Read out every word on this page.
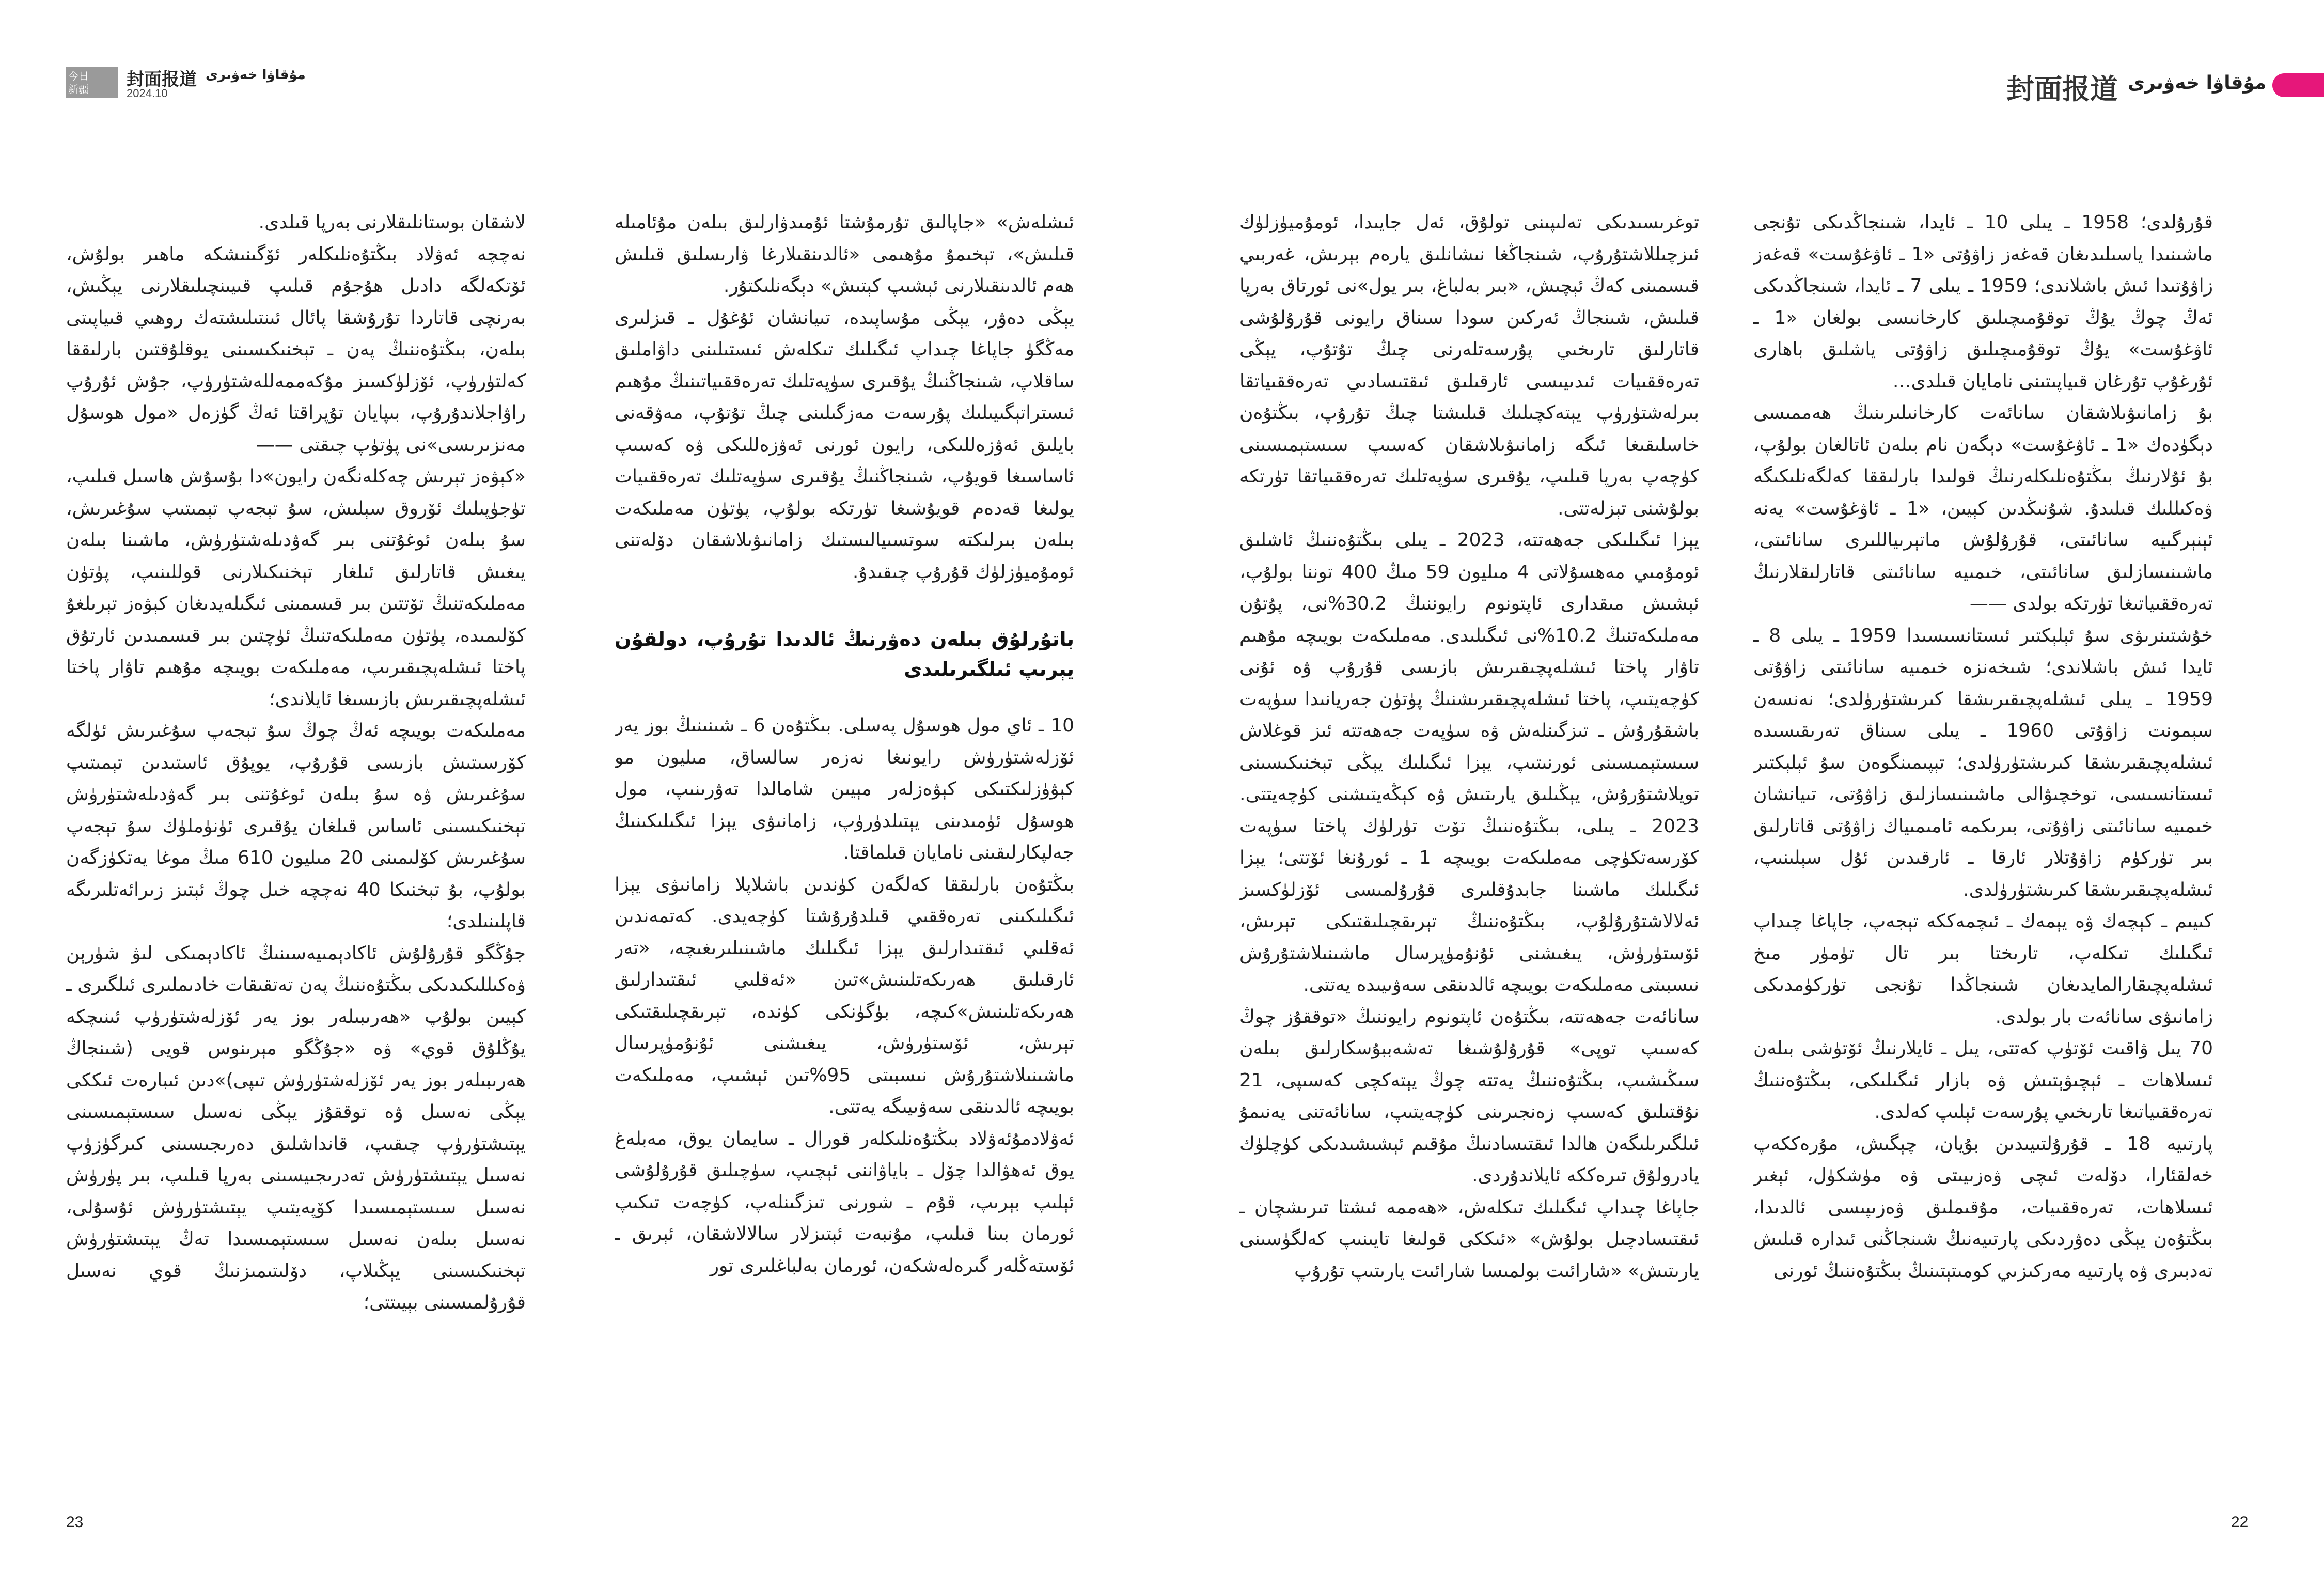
今日
新疆 封面报道
2024.10
مۇقاۋا خەۋىرى	封面报道 مۇقاۋا خەۋىرى

قۇرۇلدى؛ 1958 ـ يىلى 10 ـ ئايدا، شىنجاڭدىكى تۇنجى ماشىنىدا ياسىلىدىغان قەغەز زاۋۇتى «1 ـ ئاۋغۇست» قەغەز زاۋۇتىدا ئىش باشلاندى؛ 1959 ـ يىلى 7 ـ ئايدا، شىنجاڭدىكى ئەڭ چوڭ يۇڭ توقۇمىچىلىق كارخانىسى بولغان «1 ـ ئاۋغۇست» يۇڭ توقۇمىچىلىق زاۋۇتى ياشلىق باھارى ئۇرغۇپ تۇرغان قىياپىتىنى نامايان قىلدى…

بۇ زامانىۋىلاشقان سانائەت كارخانىلىرىنىڭ ھەممىسى دېگۈدەك «1 ـ ئاۋغۇست» دېگەن نام بىلەن ئاتالغان بولۇپ، بۇ ئۇلارنىڭ بىڭتۇەنلىكلەرنىڭ قولىدا بارلىققا كەلگەنلىكىگە ۋەكىللىك قىلىدۇ. شۇنىڭدىن كېيىن، «1 ـ ئاۋغۇست» يەنە ئېنېرگىيە سانائىتى، قۇرۇلۇش ماتېرىياللىرى سانائىتى، ماشىنىسازلىق سانائىتى، خىمىيە سانائىتى قاتارلىقلارنىڭ تەرەققىياتىغا تۈرتكە بولدى ——

خۇشتىنرىۋى سۇ ئېلېكتىر ئىستانسىسىدا 1959 ـ يىلى 8 ـ ئايدا ئىش باشلاندى؛ شىخەنزە خىمىيە سانائىتى زاۋۇتى 1959 ـ يىلى ئىشلەپچىقىرىشقا كىرىشتۈرۈلدى؛ نەنسەن سېمونت زاۋۇتى 1960 ـ يىلى سىناق تەرىقىسىدە ئىشلەپچىقىرىشقا كىرىشتۈرۈلدى؛ تېپىمىنگوەن سۇ ئېلېكتىر ئىستانسىسى، توخچىۋالى ماشىنىسازلىق زاۋۇتى، تىيانشان خىمىيە سانائىتى زاۋۇتى، بىرىكمە ئامىمىياك زاۋۇتى قاتارلىق بىر تۈركۈم زاۋۇتلار ئارقا ـ ئارقىدىن ئۇل سېلىنىپ، ئىشلەپچىقىرىشقا كىرىشتۈرۈلدى.

كىيىم ـ كېچەك ۋە يېمەك ـ ئىچمەككە تېجەپ، جاپاغا چىداپ ئىگىلىك تىكلەپ، تارىختا بىر تال تۈمۈر مىخ ئىشلەپچىقارالمايدىغان شىنجاڭدا تۇنجى تۈركۈمدىكى زامانىۋى سانائەت بار بولدى.

70 يىل ۋاقىت ئۆتۈپ كەتتى، يىل ـ ئايلارنىڭ ئۆتۈشى بىلەن ئىسلاھات ـ ئېچىۋېتىش ۋە بازار ئىگىلىكى، بىڭتۇەننىڭ تەرەققىياتىغا تارىخىي پۇرسەت ئېلىپ كەلدى.

پارتىيە 18 ـ قۇرۇلتىيىدىن بۇيان، چېگىش، مۇرەككەپ خەلقئارا، دۆلەت ئىچى ۋەزىيىتى ۋە مۈشكۈل، ئېغىر ئىسلاھات، تەرەققىيات، مۇقىملىق ۋەزىپىسى ئالدىدا، بىڭتۇەن يېڭى دەۋردىكى پارتىيەنىڭ شىنجاڭنى ئىدارە قىلىش تەدبىرى ۋە پارتىيە مەركىزىي كومىتېتىنىڭ بىڭتۇەننىڭ ئورنى

توغرىسىدىكى تەلىپىنى تولۇق، ئەل جايىدا، ئومۇميۈزلۈك ئىزچىللاشتۇرۇپ، شىنجاڭغا نىشانلىق يارەم بېرىش، غەربىي قىسمىنى كەڭ ئېچىش، «بىر بەلباغ، بىر يول»نى ئورتاق بەرپا قىلىش، شىنجاڭ ئەركىن سودا سىناق رايونى قۇرۇلۇشى قاتارلىق تارىخىي پۇرسەتلەرنى چىڭ تۇتۇپ، يېڭى تەرەققىيات ئىدىيىسى ئارقىلىق ئىقتىسادىي تەرەققىياتقا بىرلەشتۈرۈپ يېتەكچىلىك قىلىشتا چىڭ تۇرۇپ، بىڭتۇەن خاسلىقىغا ئىگە زامانىۋىلاشقان كەسىپ سىستېمىسىنى كۈچەپ بەرپا قىلىپ، يۇقىرى سۈپەتلىك تەرەققىياتقا تۈرتكە بولۇشنى تېزلەتتى.

يېزا ئىگىلىكى جەھەتتە، 2023 ـ يىلى بىڭتۇەننىڭ ئاشلىق ئومۇمىي مەھسۇلاتى 4 مىليون 59 مىڭ 400 توننا بولۇپ، ئېشىش مىقدارى ئاپتونوم رايوننىڭ 30.2%نى، پۇتۇن مەملىكەتنىڭ 10.2%نى ئىگىلىدى. مەملىكەت بويىچە مۇھىم تاۋار پاختا ئىشلەپچىقىرىش بازىسى قۇرۇپ ۋە ئۇنى كۈچەيتىپ، پاختا ئىشلەپچىقىرىشنىڭ پۈتۈن جەريانىدا سۈپەت باشقۇرۇش ـ تىزگىنلەش ۋە سۈپەت جەھەتتە ئىز قوغلاش سىستېمىسىنى ئورنىتىپ، يېزا ئىگىلىك يېڭى تېخنىكىسىنى تويلاشتۇرۇش، يېڭىلىق يارىتىش ۋە كېڭەيتىشنى كۈچەيتتى. 2023 ـ يىلى، بىڭتۇەننىڭ تۆت تۈرلۈك پاختا سۈپەت كۆرسەتكۈچى مەملىكەت بويىچە 1 ـ ئورۇنغا ئۆتتى؛ يېزا ئىگىلىك ماشىنا جابدۇقلىرى قۇرۇلمىسى ئۆزلۈكسىز ئەلالاشتۇرۇلۇپ، بىڭتۇەننىڭ تېرىقچىلىقتىكى تېرىش، ئۆستۈرۈش، يىغىشنى ئۇنۇمۈپرسال ماشىنىلاشتۇرۇش نىسبىتى مەملىكەت بويىچە ئالدىنقى سەۋىيىدە يەتتى.

سانائەت جەھەتتە، بىڭتۇەن ئاپتونوم رايوننىڭ «توققۇز چوڭ كەسىپ توپى» قۇرۇلۇشىغا تەشەببۇسكارلىق بىلەن سىڭىشىپ، بىڭتۇەننىڭ يەتتە چوڭ يېتەكچى كەسىپى، 21 نۇقتىلىق كەسىپ زەنجىرىنى كۈچەيتىپ، سانائەتنى يەنىمۇ ئىلگىرىلىگەن ھالدا ئىقتىسادنىڭ مۇقىم ئېشىشىدىكى كۈچلۈك يادرولۇق تىرەككە ئايلاندۇردى.

جاپاغا چىداپ ئىگىلىك تىكلەش، «ھەممە ئىشتا تىرىشچان ـ ئىقتىسادچىل بولۇش» «ئىككى قولىغا تايىنىپ كەلگۈسىنى يارىتىش» «شارائىت بولمىسا شارائىت يارىتىپ تۇرۇپ

ئىشلەش» «جاپالىق تۇرمۇشتا ئۇمىدۋارلىق بىلەن مۇئامىلە قىلىش»، تېخىمۇ مۇھىمى «ئالدىنقىلارغا ۋارىسلىق قىلىش ھەم ئالدىنقىلارنى ئېشىپ كېتىش» دېگەنلىكتۇر.

يېڭى دەۋر، يېڭى مۇساپىدە، تىيانشان ئۇغۇل ـ قىزلىرى مەڭگۈ جاپاغا چىداپ ئىگىلىك تىكلەش ئىستىلىنى داۋاملىق ساقلاپ، شىنجاڭنىڭ يۇقىرى سۈپەتلىك تەرەققىياتىنىڭ مۇھىم ئىستراتېگىيىلىك پۇرسەت مەزگىلىنى چىڭ تۇتۇپ، مەۋقەنى بايلىق ئەۋزەللىكى، رايون ئورنى ئەۋزەللىكى ۋە كەسىپ ئاساسىغا قويۇپ، شىنجاڭنىڭ يۇقىرى سۈپەتلىك تەرەققىيات يولىغا قەدەم قويۇشىغا تۈرتكە بولۇپ، پۈتۈن مەملىكەت بىلەن بىرلىكتە سوتسىيالىستىك زامانىۋىلاشقان دۆلەتنى ئومۇميۈزلۈك قۇرۇپ چىقىدۇ.

باتۇرلۇق بىلەن دەۋرنىڭ ئالدىدا تۇرۇپ، دولقۇن يېرىپ ئىلگىرىلىدى

10 ـ ئاي مول ھوسۇل پەسلى. بىڭتۇەن 6 ـ شىنىنىڭ بوز يەر ئۆزلەشتۈرۈش رايونىغا نەزەر سالساق، مىليون مو كېۋۈزلىكتىكى كېۋەزلەر مېيىن شامالدا تەۋرىنىپ، مول ھوسۇل ئۈمىدىنى يېتىلدۈرۈپ، زامانىۋى يېزا ئىگىلىكىنىڭ جەلپكارلىقىنى نامايان قىلماقتا.

بىڭتۇەن بارلىققا كەلگەن كۈندىن باشلاپلا زامانىۋى يېزا ئىگىلىكىنى تەرەققىي قىلدۇرۇشتا كۈچەيدى. كەتمەندىن ئەقلىي ئىقتىدارلىق يېزا ئىگىلىك ماشىنىلىرىغىچە، «تەر ئارقىلىق ھەرىكەتلىنىش»تىن «ئەقلىي ئىقتىدارلىق ھەرىكەتلىنىش»كىچە، بۈگۈنكى كۈندە، تېرىقچىلىقتىكى تېرىش، ئۆستۈرۈش، يىغىشنى ئۇنۇمۈپرسال ماشىنىلاشتۇرۇش نىسبىتى 95%تىن ئېشىپ، مەملىكەت بويىچە ئالدىنقى سەۋىيىگە يەتتى.

ئەۋلادمۇئەۋلاد بىڭتۇەنلىكلەر قورال ـ سايمان يوق، مەبلەغ يوق ئەھۋالدا چۆل ـ باياۋاننى ئېچىپ، سۈچىلىق قۇرۇلۇشى ئېلىپ بېرىپ، قۇم ـ شورنى تىزگىنلەپ، كۈچەت تىكىپ ئورمان بىنا قىلىپ، مۇنبەت ئېتىزلار سالالاشقان، ئېرىق ـ ئۆستەڭلەر گىرەلەشكەن، ئورمان بەلباغلىرى تور

لاشقان بوستانلىقلارنى بەرپا قىلدى.

نەچچە ئەۋلاد بىڭتۇەنلىكلەر ئۆگىنىشكە ماھىر بولۇش، ئۆتكەلگە دادىل ھۇجۇم قىلىپ قىيىنچىلىقلارنى يېڭىش، بەرنچى قاتاردا تۇرۇشقا پائال ئىنتىلىشتەك روھىي قىياپىتى بىلەن، بىڭتۇەننىڭ پەن ـ تېخنىكىسىنى يوقلۇقتىن بارلىققا كەلتۈرۈپ، ئۆزلۈكسىز مۇكەممەللەشتۈرۈپ، جۇش ئۇرۇپ راۋاجلاندۇرۇپ، بىپايان تۇپراقتا ئەڭ گۈزەل «مول ھوسۇل مەنزىرىسى»نى پۈتۈپ چىقتى ——

«كېۋەز تېرىش چەكلەنگەن رايون»دا بۇسۇش ھاسىل قىلىپ، تۈجۈپىلىك ئۆروق سېلىش، سۇ تېجەپ تېمىتىپ سۇغىرىش، سۇ بىلەن ئوغۇتنى بىر گەۋدىلەشتۈرۈش، ماشىنا بىلەن يىغىش قاتارلىق ئىلغار تېخنىكىلارنى قوللىنىپ، پۈتۈن مەملىكەتنىڭ تۆتتىن بىر قىسمىنى ئىگىلەيدىغان كېۋەز تېرىلغۇ كۆلىمىدە، پۈتۈن مەملىكەتنىڭ ئۈچتىن بىر قىسمىدىن ئارتۇق پاختا ئىشلەپچىقىرىپ، مەملىكەت بويىچە مۇھىم تاۋار پاختا ئىشلەپچىقىرىش بازىسىغا ئايلاندى؛

مەملىكەت بويىچە ئەڭ چوڭ سۇ تېجەپ سۇغىرىش ئۈلگە كۆرسىتىش بازىسى قۇرۇپ، يوپۇق ئاستىدىن تېمىتىپ سۇغىرىش ۋە سۇ بىلەن ئوغۇتنى بىر گەۋدىلەشتۈرۈش تېخنىكىسىنى ئاساس قىلغان يۇقىرى ئۈنۈملۈك سۇ تېجەپ سۇغىرىش كۆلىمىنى 20 مىليون 610 مىڭ موغا يەتكۈزگەن بولۇپ، بۇ تېخنىكا 40 نەچچە خىل چوڭ ئېتىز زىرائەتلىرىگە قاپلىنىلدى؛

جۇڭگو قۇرۇلۇش ئاكادېمىيەسىنىڭ ئاكادېمىكى لىۋ شۈرېن ۋەكىللىكىدىكى بىڭتۇەننىڭ پەن تەتقىقات خادىملىرى ئىلگىرى ـ كېيىن بولۇپ «ھەرىبىلەر بوز يەر ئۆزلەشتۈرۈپ ئىنىچكە يۇڭلۇق قوي» ۋە «جۇڭگو مېرىنوس قويى (شىنجاڭ ھەرىبىلەر بوز يەر ئۆزلەشتۈرۈش تىپى)»دىن ئىبارەت ئىككى يېڭى نەسىل ۋە توققۇز يېڭى نەسىل سىستېمىسىنى يېتىشتۈرۈپ چىقىپ، قانداشلىق دەرىجىسىنى كىرگۈزۈپ نەسىل يېتىشتۈرۈش تەدرىجىيسىنى بەرپا قىلىپ، بىر پۈرۈش نەسىل سىستېمىسىدا كۆپەيتىپ يېتىشتۈرۈش ئۇسۇلى، نەسىل بىلەن نەسىل سىستېمىسىدا تەڭ يېتىشتۈرۈش تېخنىكىسىنى يېڭىلاپ، دۆلىتىمىزنىڭ قوي نەسىل قۇرۇلمىسىنى بېيىتتى؛

23	22
